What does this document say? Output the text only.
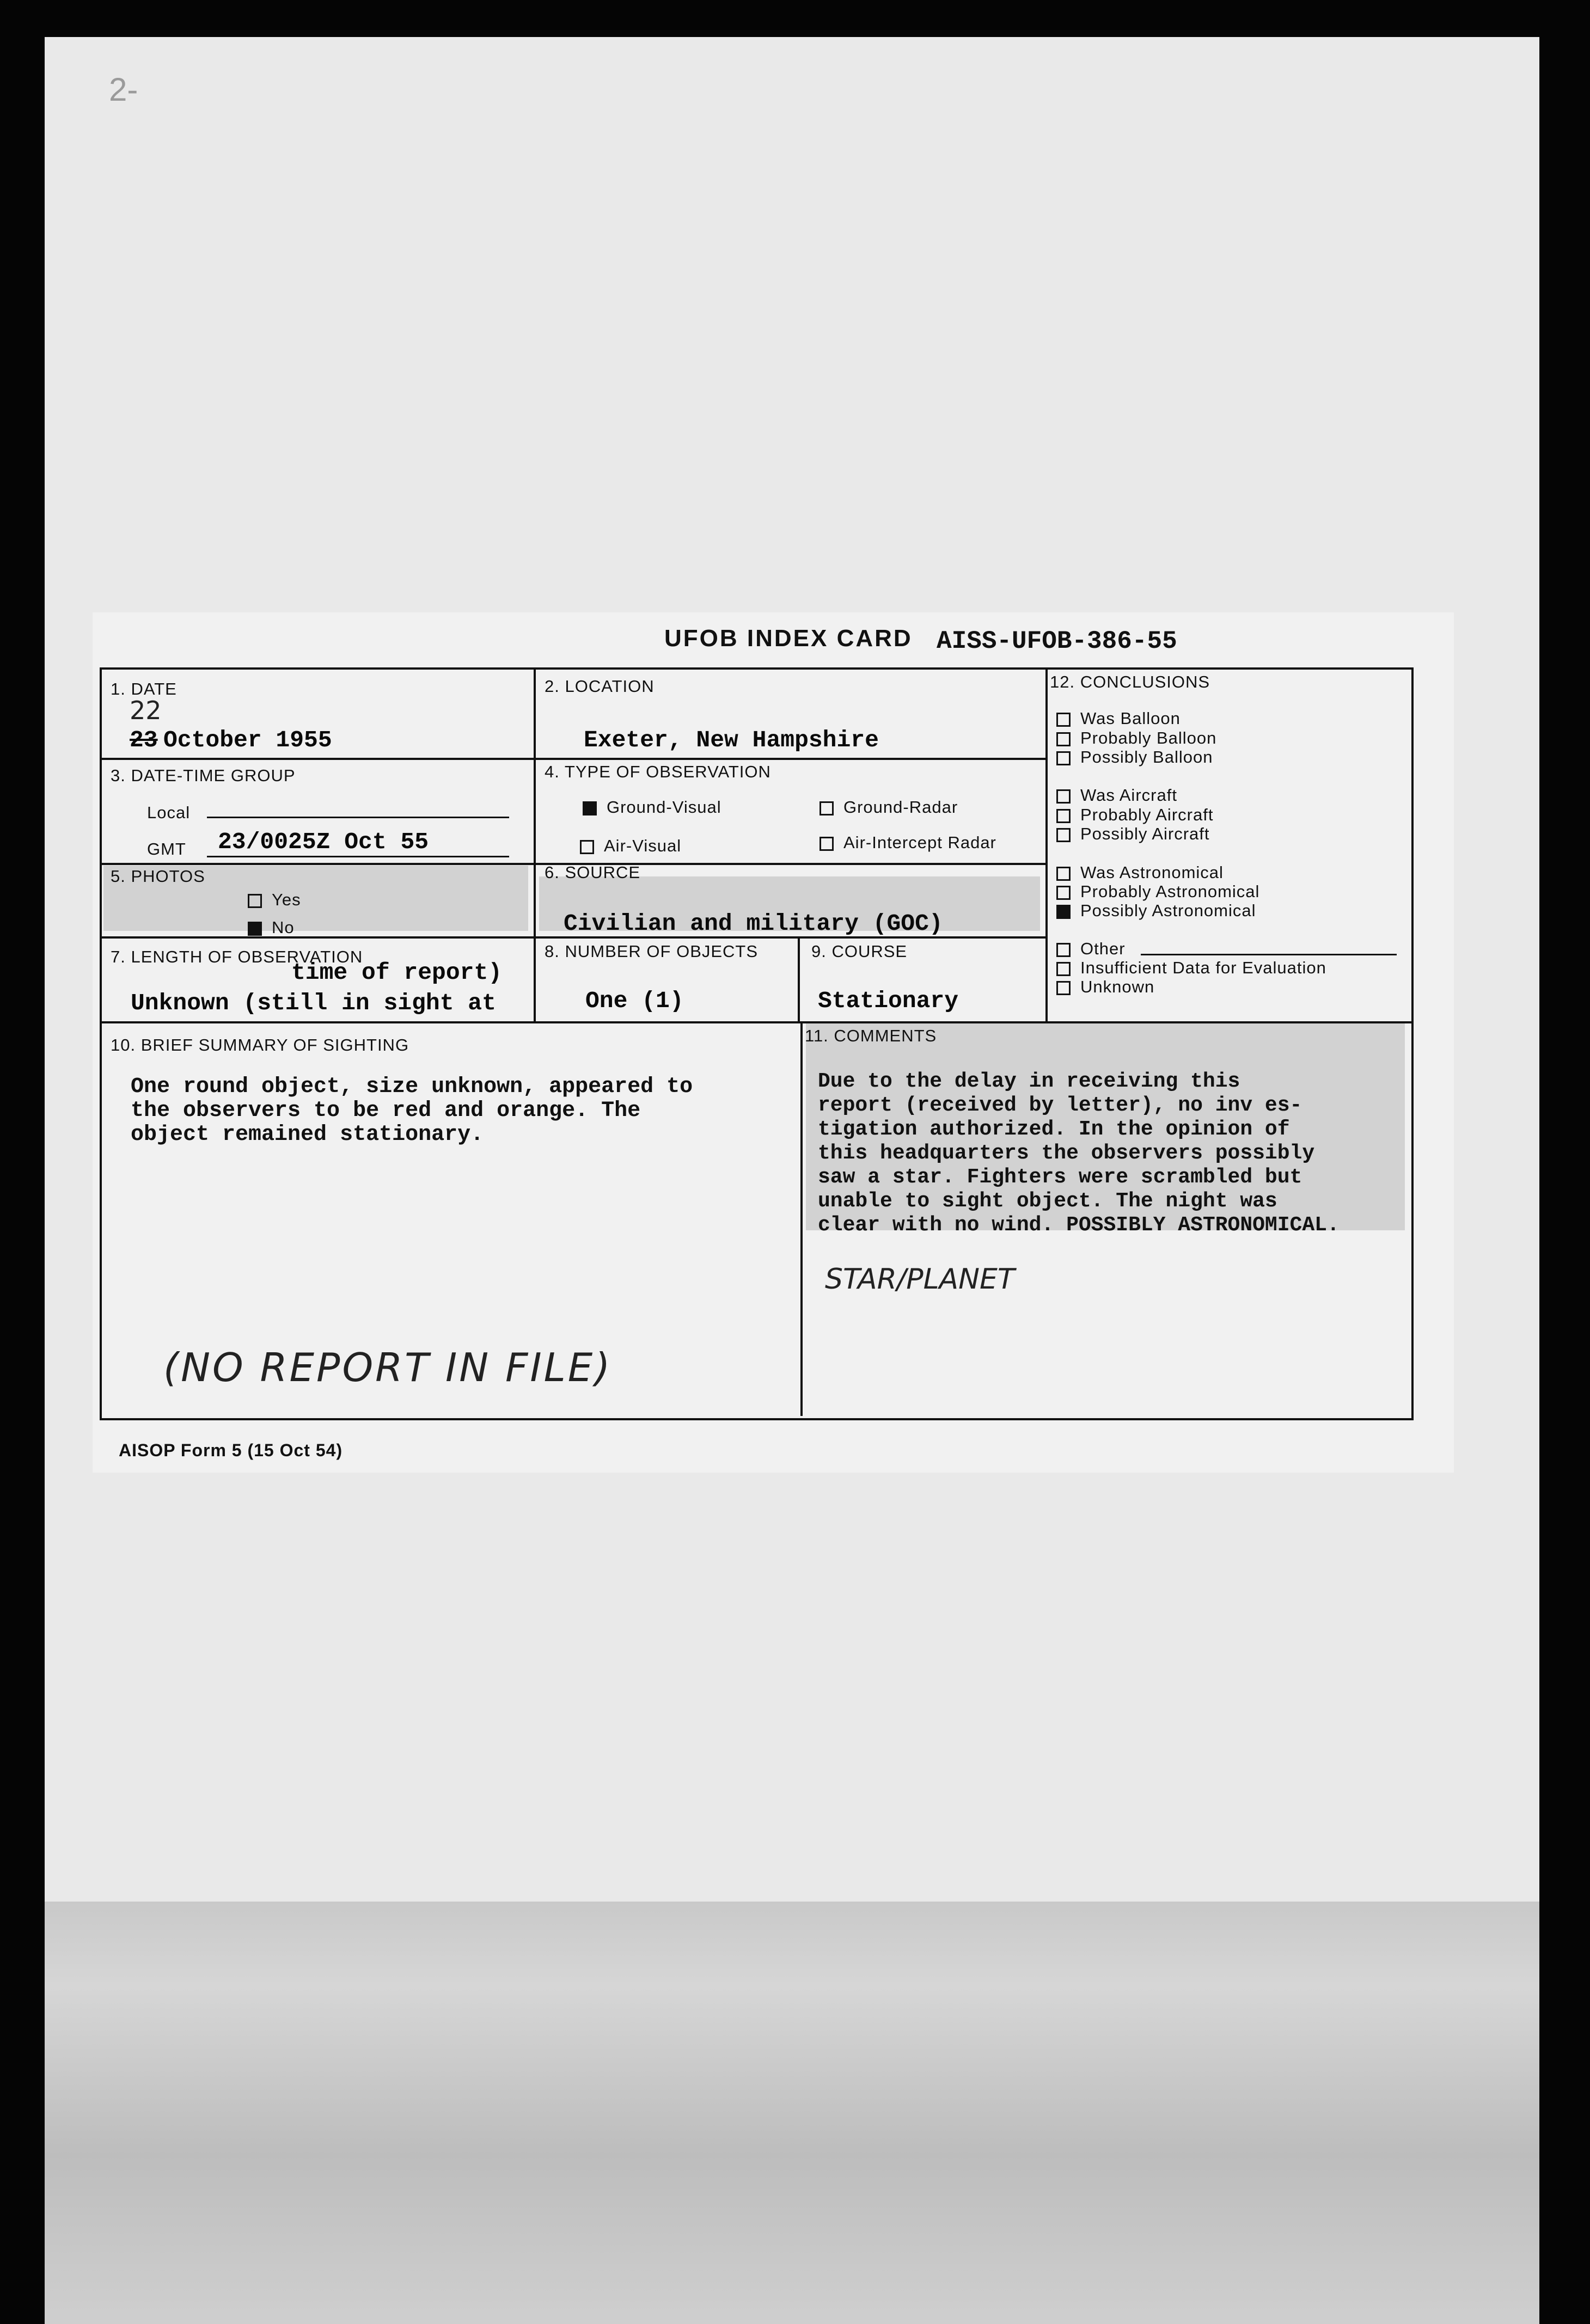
2-
UFOB INDEX CARD AISS-UFOB-386-55
1. DATE
22
23 October 1955
2. LOCATION
Exeter, New Hampshire
3. DATE-TIME GROUP
Local
GMT 23/0025Z Oct 55
4. TYPE OF OBSERVATION
Ground-Visual	Ground-Radar
Air-Visual	Air-Intercept Radar
5. PHOTOS
Yes
No
6. SOURCE
Civilian and military (GOC)
7. LENGTH OF OBSERVATION
time of report)
Unknown (still in sight at
8. NUMBER OF OBJECTS
One (1)
9. COURSE
Stationary
12. CONCLUSIONS
Was Balloon
Probably Balloon
Possibly Balloon
Was Aircraft
Probably Aircraft
Possibly Aircraft
Was Astronomical
Probably Astronomical
Possibly Astronomical
Other
Insufficient Data for Evaluation
Unknown
10. BRIEF SUMMARY OF SIGHTING
One round object, size unknown, appeared to
the observers to be red and orange. The
object remained stationary.
11. COMMENTS
Due to the delay in receiving this
report (received by letter), no inv es-
tigation authorized. In the opinion of
this headquarters the observers possibly
saw a star. Fighters were scrambled but
unable to sight object. The night was
clear with no wind. POSSIBLY ASTRONOMICAL.
STAR/PLANET
(NO REPORT IN FILE)
AISOP Form 5 (15 Oct 54)
